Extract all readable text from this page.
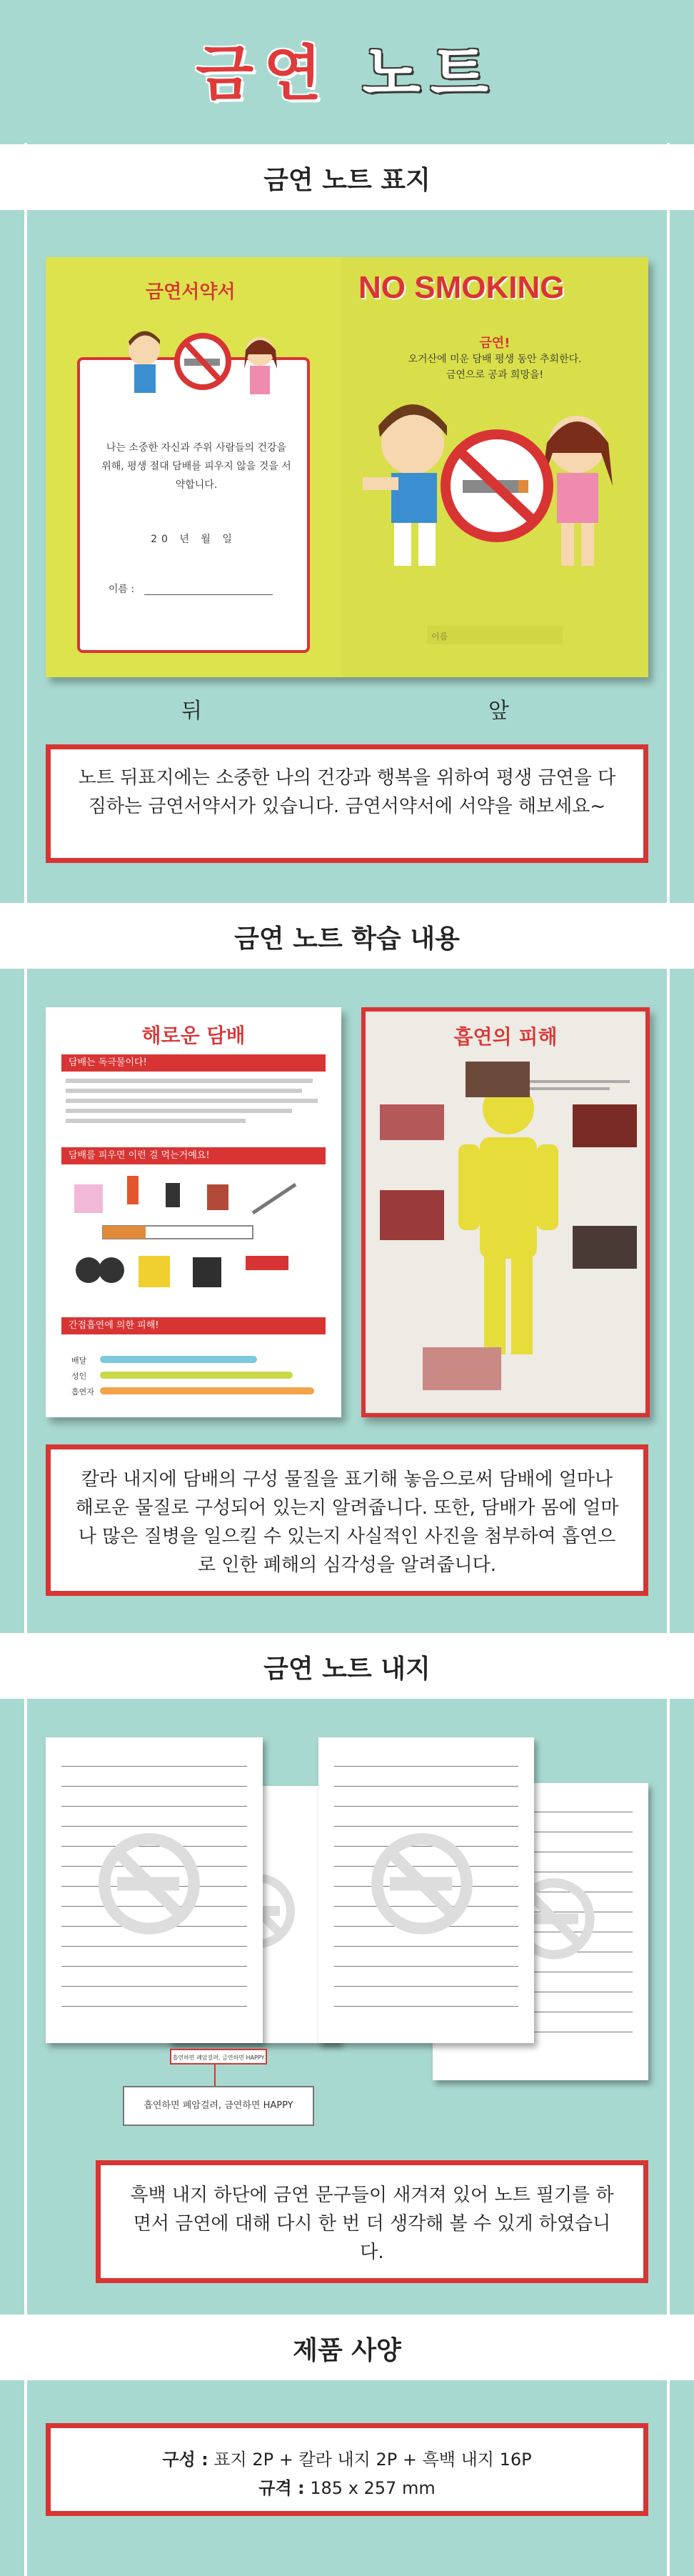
금연 노트
금연 노트 표지
금연서약서
나는 소중한 자신과 주위 사람들의 건강을 위해, 평생 절대 담배를 피우지 않을 것을 서약합니다.
20 년 월 일
이름 :
NO SMOKING
금연!
오거산에 미운 담배 평생 동안 추회한다. 금연으로 공과 희망을!
뒤	앞
노트 뒤표지에는 소중한 나의 건강과 행복을 위하여 평생 금연을 다짐하는 금연서약서가 있습니다. 금연서약서에 서약을 해보세요~
금연 노트 학습 내용
해로운 담배
담배는 독극물이다!
담배를 피우면 이런 걸 먹는거예요!
간접흡연에 의한 피해!
배달
성인
흡연자
흡연의 피해
칼라 내지에 담배의 구성 물질을 표기해 놓음으로써 담배에 얼마나 해로운 물질로 구성되어 있는지 알려줍니다. 또한, 담배가 몸에 얼마나 많은 질병을 일으킬 수 있는지 사실적인 사진을 첨부하여 흡연으로 인한 폐해의 심각성을 알려줍니다.
금연 노트 내지
흡연하면 폐암걸려, 금연하면 HAPPY
흡연하면 폐암걸려, 금연하면 HAPPY
흑백 내지 하단에 금연 문구들이 새겨져 있어 노트 필기를 하면서 금연에 대해 다시 한 번 더 생각해 볼 수 있게 하였습니다.
제품 사양
구성 : 표지 2P + 칼라 내지 2P + 흑백 내지 16P
규격 : 185 x 257 mm
